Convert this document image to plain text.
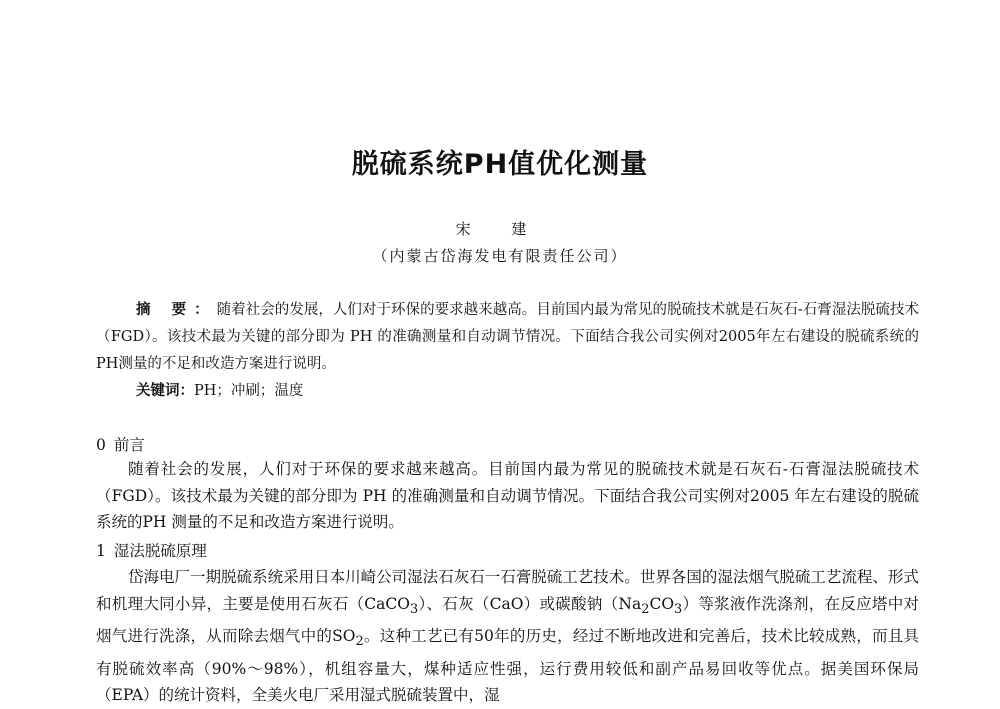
脱硫系统PH值优化测量
宋 建
（内蒙古岱海发电有限责任公司）
摘 要：随着社会的发展，人们对于环保的要求越来越高。目前国内最为常见的脱硫技术就是石灰石-石膏湿法脱硫技术（FGD）。该技术最为关键的部分即为 PH 的准确测量和自动调节情况。下面结合我公司实例对2005年左右建设的脱硫系统的PH测量的不足和改造方案进行说明。
关键词：PH；冲刷；温度
0 前言
随着社会的发展，人们对于环保的要求越来越高。目前国内最为常见的脱硫技术就是石灰石-石膏湿法脱硫技术（FGD）。该技术最为关键的部分即为 PH 的准确测量和自动调节情况。下面结合我公司实例对2005 年左右建设的脱硫系统的PH 测量的不足和改造方案进行说明。
1 湿法脱硫原理
岱海电厂一期脱硫系统采用日本川崎公司湿法石灰石一石膏脱硫工艺技术。世界各国的湿法烟气脱硫工艺流程、形式和机理大同小异，主要是使用石灰石（CaCO$_3$）、石灰（CaO）或碳酸钠$(Na_2CO_3)$等浆液作洗涤剂，在反应塔中对烟气进行洗涤，从而除去烟气中的$SO_2$。这种工艺已有50年的历史，经过不断地改进和完善后，技术比较成熟，而且具有脱硫效率高（90%～98%），机组容量大，煤种适应性强，运行费用较低和副产品易回收等优点。据美国环保局（EPA）的统计资料，全美火电厂采用湿式脱硫装置中，湿
